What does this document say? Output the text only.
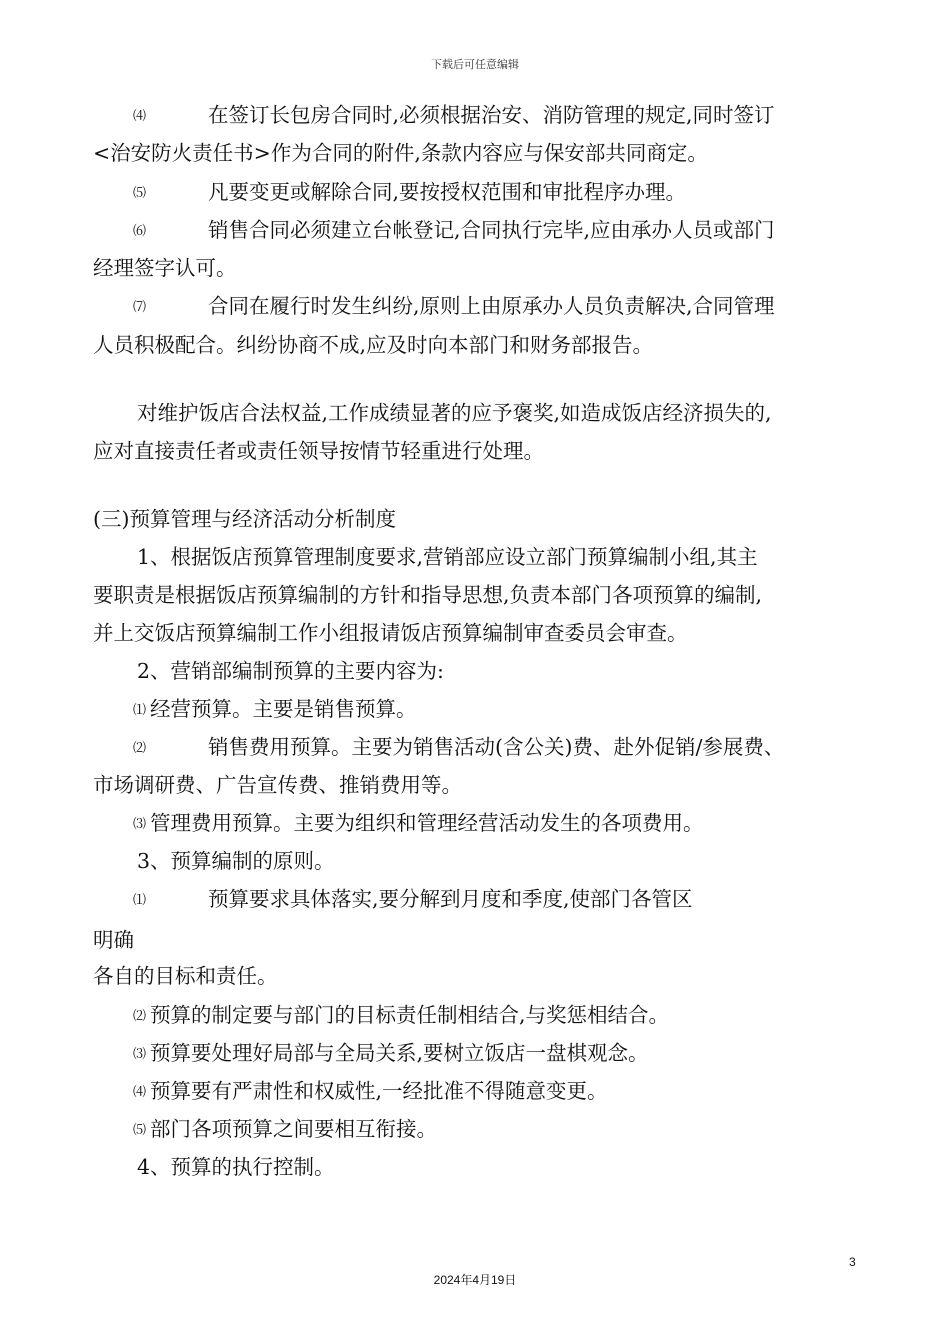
下载后可任意编辑
⑷	在签订长包房合同时,必须根据治安、消防管理的规定,同时签订
<治安防火责任书>作为合同的附件,条款内容应与保安部共同商定。
⑸	凡要变更或解除合同,要按授权范围和审批程序办理。
⑹	销售合同必须建立台帐登记,合同执行完毕,应由承办人员或部门
经理签字认可。
⑺	合同在履行时发生纠纷,原则上由原承办人员负责解决,合同管理
人员积极配合。纠纷协商不成,应及时向本部门和财务部报告。
对维护饭店合法权益,工作成绩显著的应予褒奖,如造成饭店经济损失的,
应对直接责任者或责任领导按情节轻重进行处理。
(三)预算管理与经济活动分析制度
1、根据饭店预算管理制度要求,营销部应设立部门预算编制小组,其主
要职责是根据饭店预算编制的方针和指导思想,负责本部门各项预算的编制,
并上交饭店预算编制工作小组报请饭店预算编制审查委员会审查。
2、营销部编制预算的主要内容为:
⑴ 经营预算。主要是销售预算。
⑵	销售费用预算。主要为销售活动(含公关)费、赴外促销/参展费、
市场调研费、广告宣传费、推销费用等。
⑶ 管理费用预算。主要为组织和管理经营活动发生的各项费用。
3、预算编制的原则。
⑴	预算要求具体落实,要分解到月度和季度,使部门各管区
明确
各自的目标和责任。
⑵ 预算的制定要与部门的目标责任制相结合,与奖惩相结合。
⑶ 预算要处理好局部与全局关系,要树立饭店一盘棋观念。
⑷ 预算要有严肃性和权威性,一经批准不得随意变更。
⑸ 部门各项预算之间要相互衔接。
4、预算的执行控制。
3
2024年4月19日
